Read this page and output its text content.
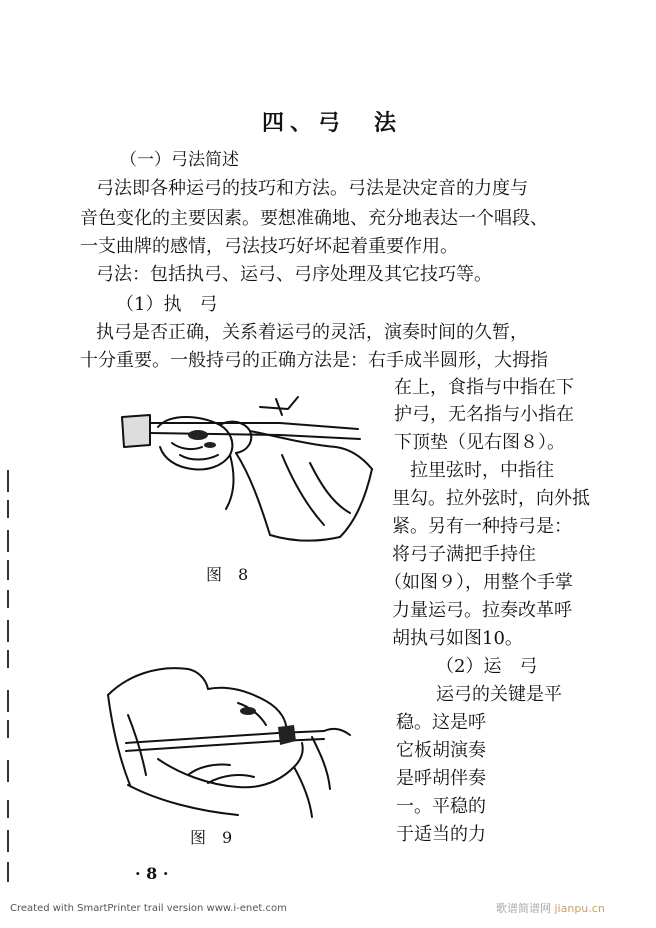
四、弓　法
（一）弓法简述
弓法即各种运弓的技巧和方法。弓法是决定音的力度与
音色变化的主要因素。要想准确地、充分地表达一个唱段、
一支曲牌的感情，弓法技巧好坏起着重要作用。
弓法：包括执弓、运弓、弓序处理及其它技巧等。
（1）执　弓
执弓是否正确，关系着运弓的灵活，演奏时间的久暂，
十分重要。一般持弓的正确方法是：右手成半圆形，大拇指
在上，食指与中指在下
护弓，无名指与小指在
下顶垫（见右图８）。
拉里弦时，中指往
里勾。拉外弦时，向外抵
紧。另有一种持弓是：
将弓子满把手持住
（如图９），用整个手掌
力量运弓。拉奏改革呼
胡执弓如图10。
（2）运　弓
运弓的关键是平
稳。这是呼
它板胡演奏
是呼胡伴奏
一。平稳的
于适当的力
图　8
图　9
· 8 ·
Created with SmartPrinter trail version www.i-enet.com	歌谱简谱网 jianpu.cn
